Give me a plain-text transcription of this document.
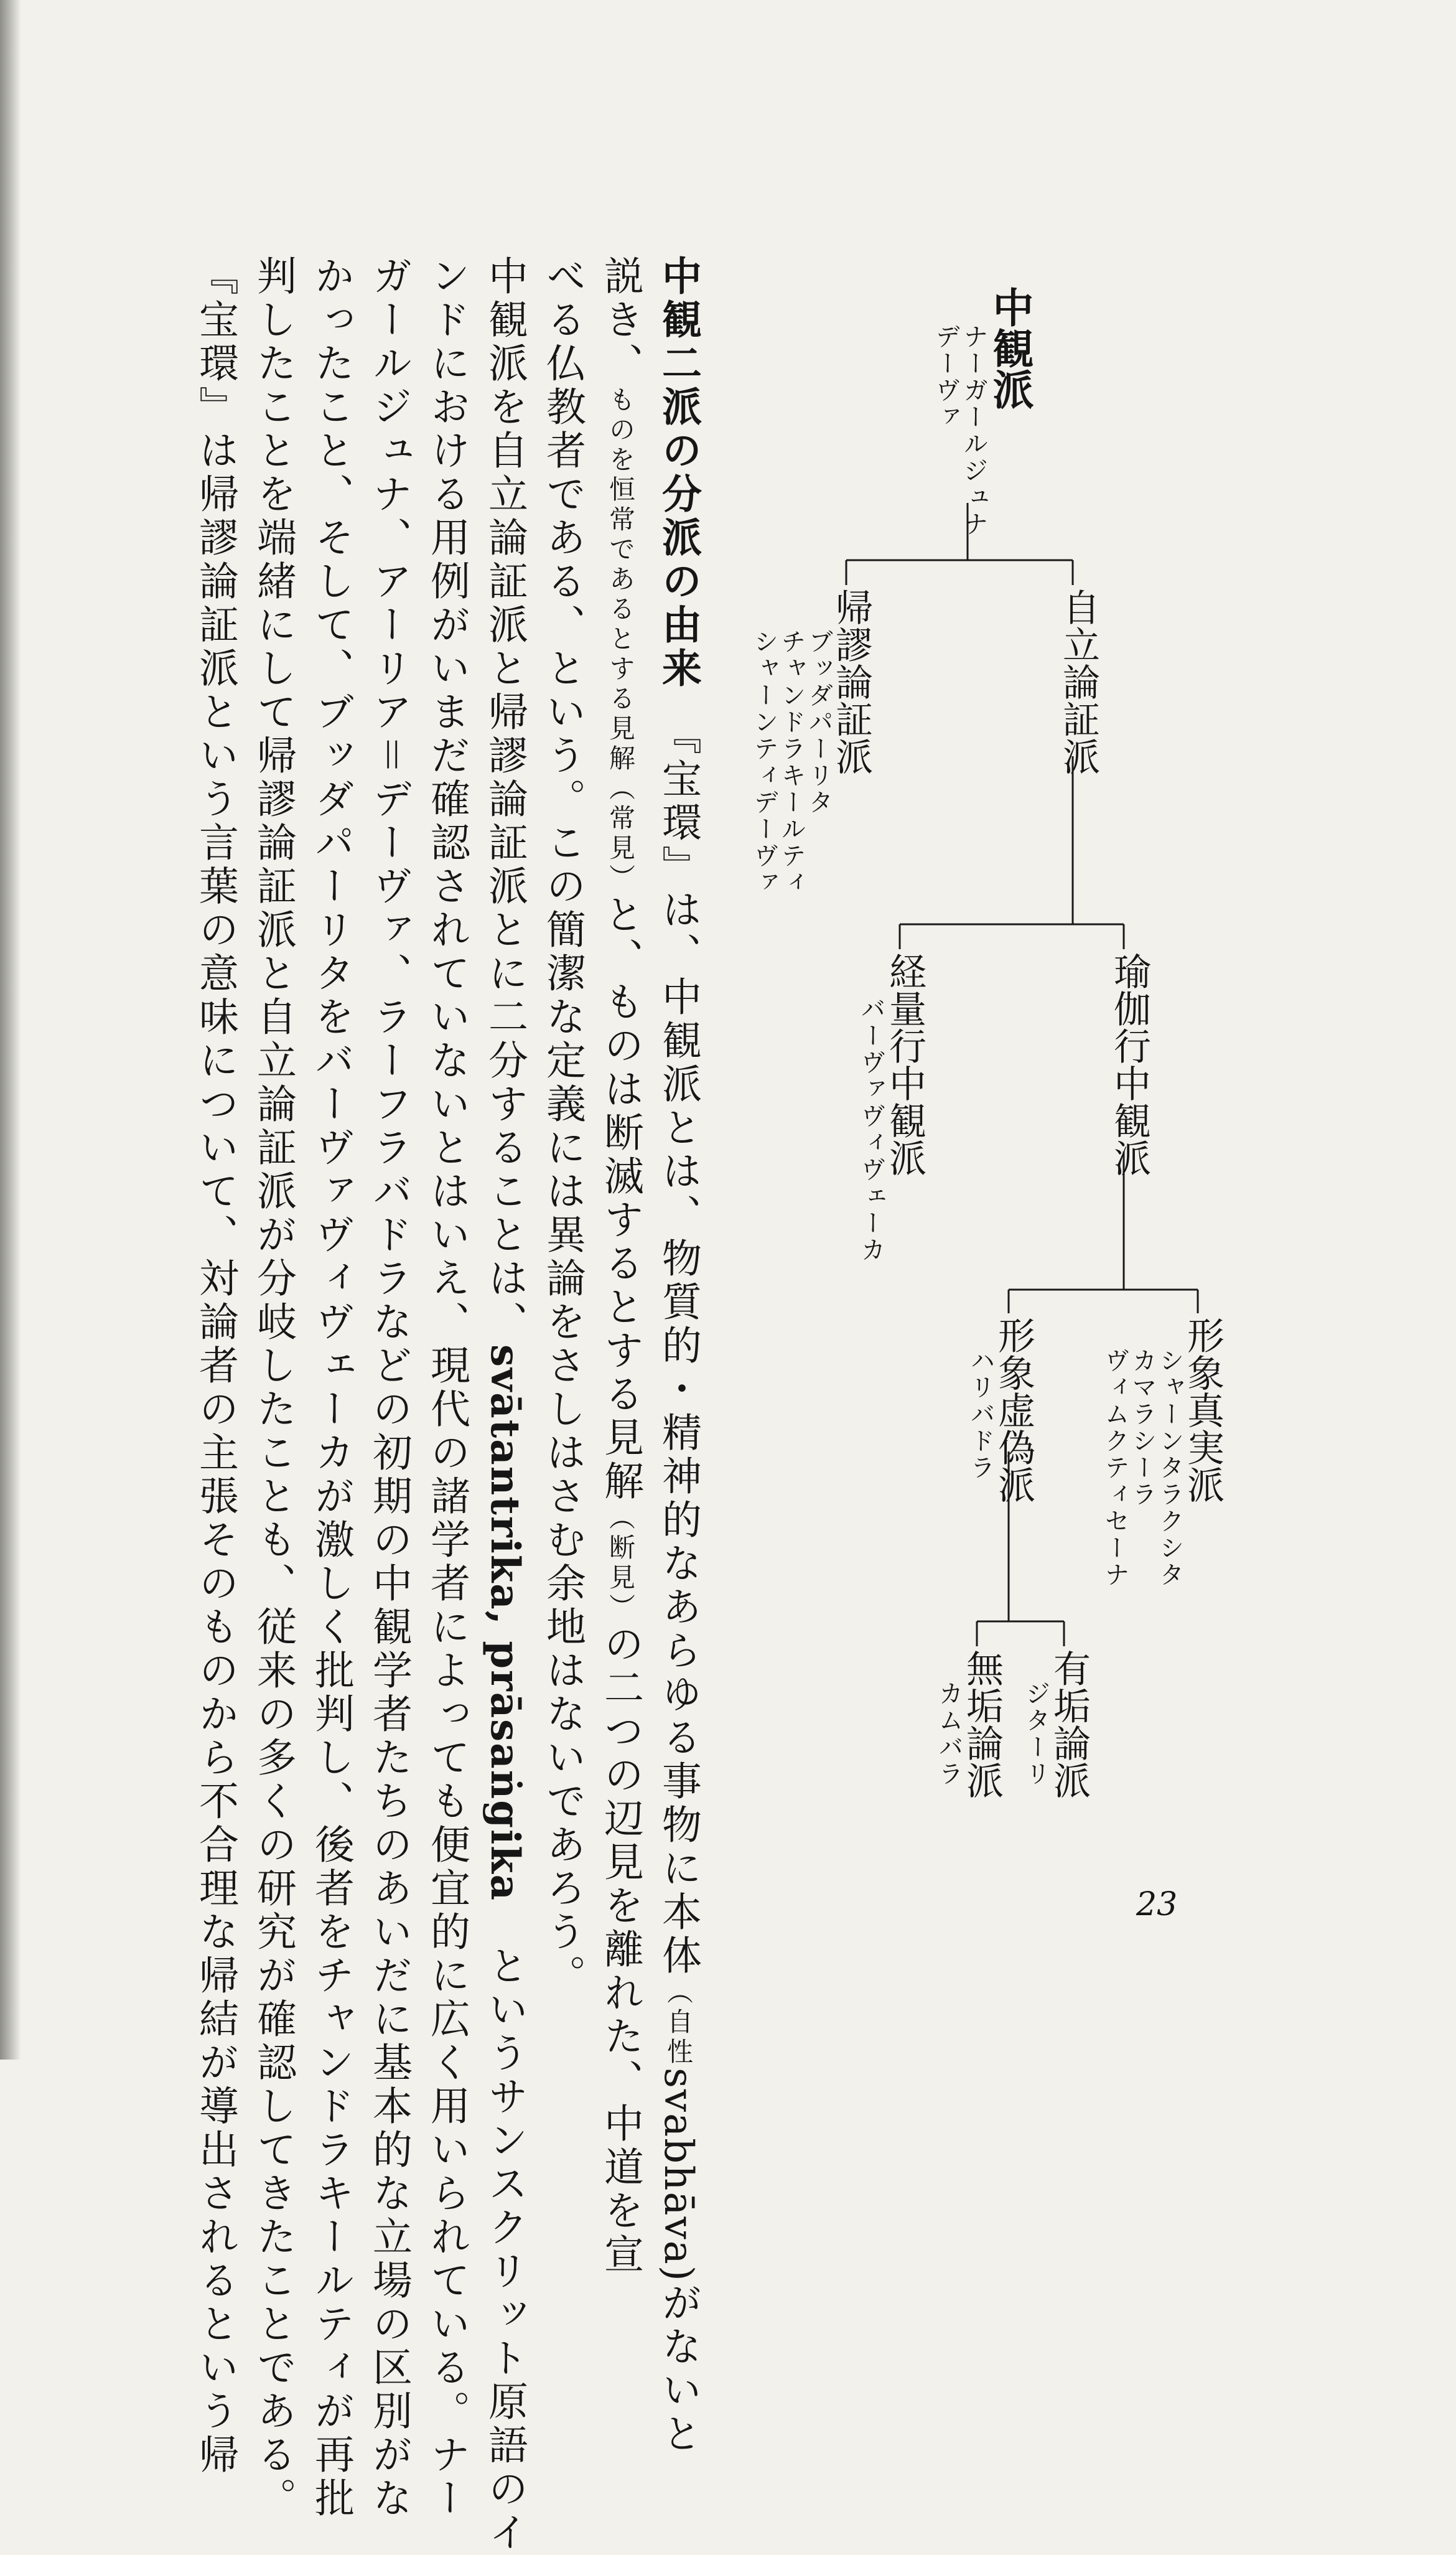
中観派
ナーガールジュナ
デーヴァ
自立論証派
帰謬論証派
ブッダパーリタ
チャンドラキールティ
シャーンティデーヴァ
瑜伽行中観派
経量行中観派
バーヴァヴィヴェーカ
形象真実派
シャーンタラクシタ
カマラシーラ
ヴィムクティセーナ
形象虚偽派
ハリバドラ
有垢論派
ジターリ
無垢論派
カムバラ
中観二派の分派の由来　『宝環』は、中観派とは、物質的・精神的なあらゆる事物に本体（自性svabhāva)がないと
説き、ものを恒常であるとする見解（常見）と、ものは断滅するとする見解（断見）の二つの辺見を離れた、中道を宣
べる仏教者である、という。この簡潔な定義には異論をさしはさむ余地はないであろう。
中観派を自立論証派と帰謬論証派とに二分することは、svātantrika, prāsaṅgika　というサンスクリット原語のイ
ンドにおける用例がいまだ確認されていないとはいえ、現代の諸学者によっても便宜的に広く用いられている。ナー
ガールジュナ、アーリア＝デーヴァ、ラーフラバドラなどの初期の中観学者たちのあいだに基本的な立場の区別がな
かったこと、そして、ブッダパーリタをバーヴァヴィヴェーカが激しく批判し、後者をチャンドラキールティが再批
判したことを端緒にして帰謬論証派と自立論証派が分岐したことも、従来の多くの研究が確認してきたことである。
『宝環』は帰謬論証派という言葉の意味について、対論者の主張そのものから不合理な帰結が導出されるという帰	23
